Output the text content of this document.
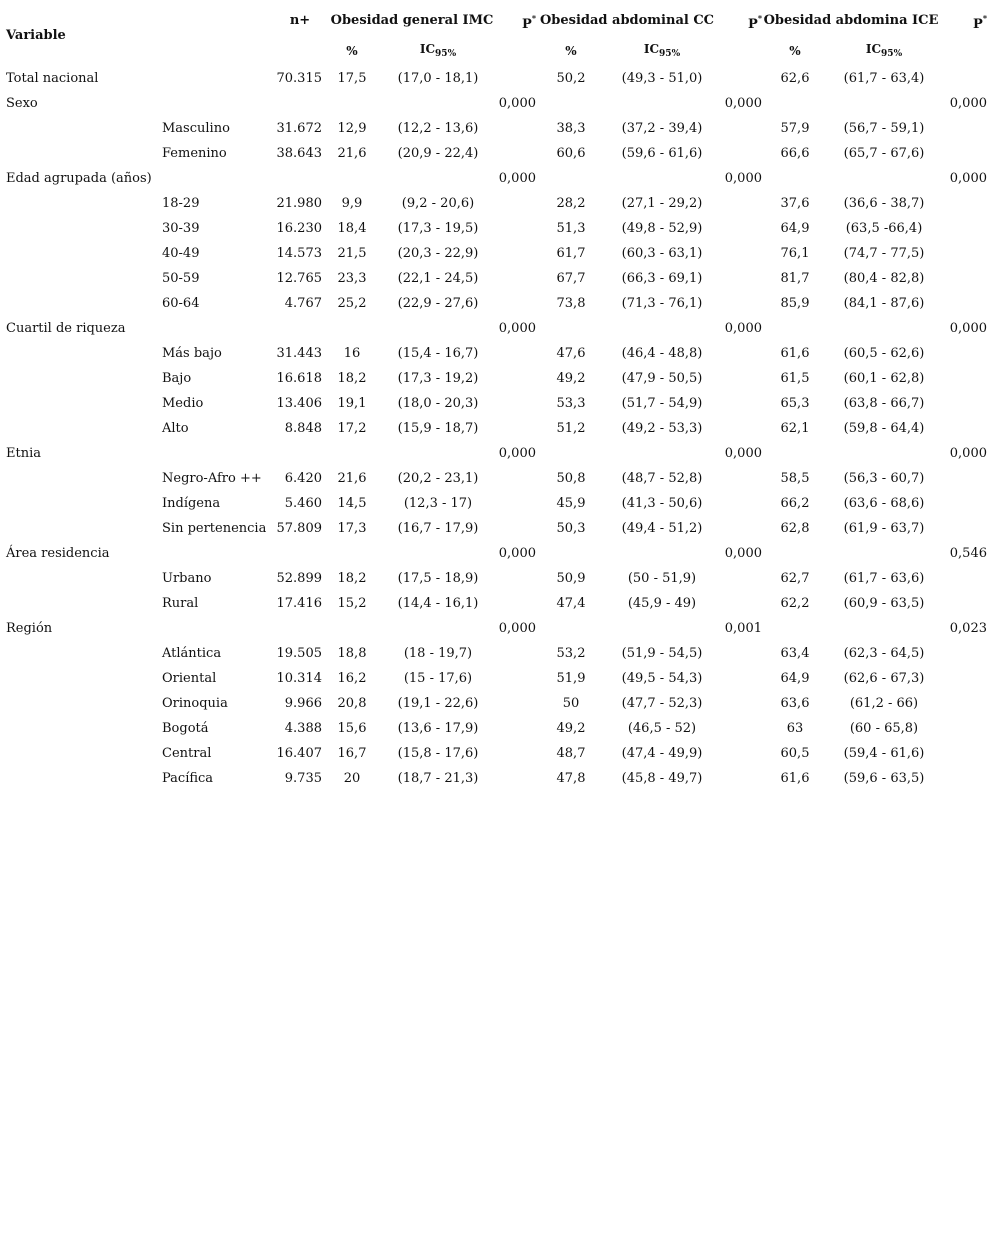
Variable		n+	Obesidad general IMC		P*	Obesidad abdominal CC		P*	Obesidad abdomina ICE		P*
			%	$IC_{95\%}$		%	$IC_{95\%}$		%	$IC_{95\%}$	
Total nacional		70.315	17,5	(17,0 - 18,1)		50,2	(49,3 - 51,0)		62,6	(61,7 - 63,4)	
Sexo					0,000			0,000			0,000
	Masculino	31.672	12,9	(12,2 - 13,6)		38,3	(37,2 - 39,4)		57,9	(56,7 - 59,1)	
	Femenino	38.643	21,6	(20,9 - 22,4)		60,6	(59,6 - 61,6)		66,6	(65,7 - 67,6)	
Edad agrupada (años)					0,000			0,000			0,000
	18-29	21.980	9,9	(9,2 - 20,6)		28,2	(27,1 - 29,2)		37,6	(36,6 - 38,7)	
	30-39	16.230	18,4	(17,3 - 19,5)		51,3	(49,8 - 52,9)		64,9	(63,5 -66,4)	
	40-49	14.573	21,5	(20,3 - 22,9)		61,7	(60,3 - 63,1)		76,1	(74,7 - 77,5)	
	50-59	12.765	23,3	(22,1 - 24,5)		67,7	(66,3 - 69,1)		81,7	(80,4 - 82,8)	
	60-64	4.767	25,2	(22,9 - 27,6)		73,8	(71,3 - 76,1)		85,9	(84,1 - 87,6)	
Cuartil de riqueza					0,000			0,000			0,000
	Más bajo	31.443	16	(15,4 - 16,7)		47,6	(46,4 - 48,8)		61,6	(60,5 - 62,6)	
	Bajo	16.618	18,2	(17,3 - 19,2)		49,2	(47,9 - 50,5)		61,5	(60,1 - 62,8)	
	Medio	13.406	19,1	(18,0 - 20,3)		53,3	(51,7 - 54,9)		65,3	(63,8 - 66,7)	
	Alto	8.848	17,2	(15,9 - 18,7)		51,2	(49,2 - 53,3)		62,1	(59,8 - 64,4)	
Etnia					0,000			0,000			0,000
	Negro-Afro ++	6.420	21,6	(20,2 - 23,1)		50,8	(48,7 - 52,8)		58,5	(56,3 - 60,7)	
	Indígena	5.460	14,5	(12,3 - 17)		45,9	(41,3 - 50,6)		66,2	(63,6 - 68,6)	
	Sin pertenencia	57.809	17,3	(16,7 - 17,9)		50,3	(49,4 - 51,2)		62,8	(61,9 - 63,7)	
Área residencia					0,000			0,000			0,546
	Urbano	52.899	18,2	(17,5 - 18,9)		50,9	(50 - 51,9)		62,7	(61,7 - 63,6)	
	Rural	17.416	15,2	(14,4 - 16,1)		47,4	(45,9 - 49)		62,2	(60,9 - 63,5)	
Región					0,000			0,001			0,023
	Atlántica	19.505	18,8	(18 - 19,7)		53,2	(51,9 - 54,5)		63,4	(62,3 - 64,5)	
	Oriental	10.314	16,2	(15 - 17,6)		51,9	(49,5 - 54,3)		64,9	(62,6 - 67,3)	
	Orinoquia	9.966	20,8	(19,1 - 22,6)		50	(47,7 - 52,3)		63,6	(61,2 - 66)	
	Bogotá	4.388	15,6	(13,6 - 17,9)		49,2	(46,5 - 52)		63	(60 - 65,8)	
	Central	16.407	16,7	(15,8 - 17,6)		48,7	(47,4 - 49,9)		60,5	(59,4 - 61,6)	
	Pacífica	9.735	20	(18,7 - 21,3)		47,8	(45,8 - 49,7)		61,6	(59,6 - 63,5)	
